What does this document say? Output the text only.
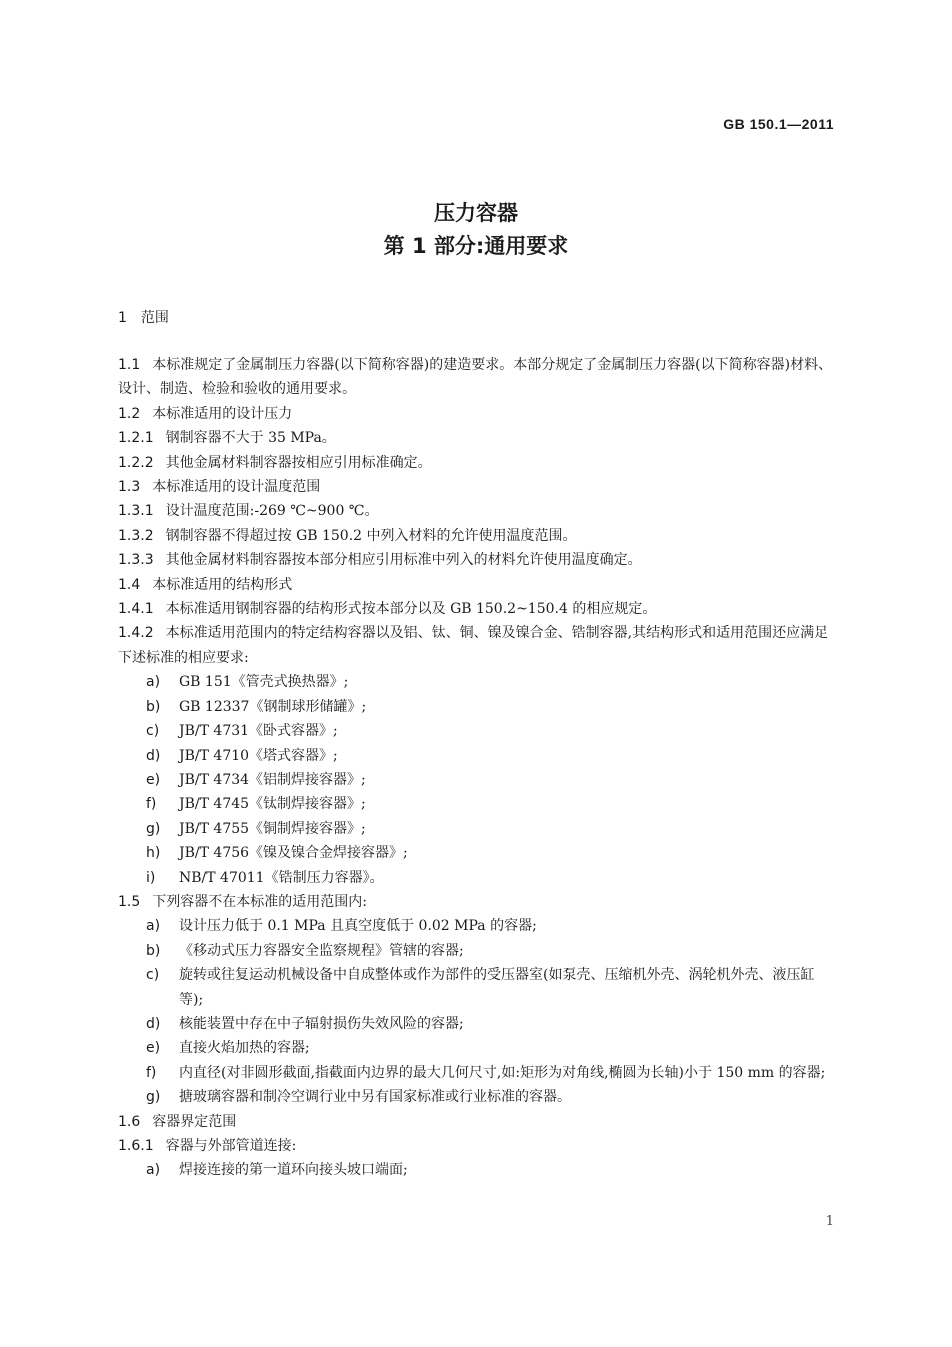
GB 150.1—2011
压力容器
第 1 部分:通用要求
1 范围
1.1 本标准规定了金属制压力容器(以下简称容器)的建造要求。本部分规定了金属制压力容器(以下简称容器)材料、设计、制造、检验和验收的通用要求。
1.2 本标准适用的设计压力
1.2.1 钢制容器不大于 35 MPa。
1.2.2 其他金属材料制容器按相应引用标准确定。
1.3 本标准适用的设计温度范围
1.3.1 设计温度范围:-269 ℃~900 ℃。
1.3.2 钢制容器不得超过按 GB 150.2 中列入材料的允许使用温度范围。
1.3.3 其他金属材料制容器按本部分相应引用标准中列入的材料允许使用温度确定。
1.4 本标准适用的结构形式
1.4.1 本标准适用钢制容器的结构形式按本部分以及 GB 150.2~150.4 的相应规定。
1.4.2 本标准适用范围内的特定结构容器以及铝、钛、铜、镍及镍合金、锆制容器,其结构形式和适用范围还应满足下述标准的相应要求:
a)	GB 151《管壳式换热器》;
b)	GB 12337《钢制球形储罐》;
c)	JB/T 4731《卧式容器》;
d)	JB/T 4710《塔式容器》;
e)	JB/T 4734《铝制焊接容器》;
f)	JB/T 4745《钛制焊接容器》;
g)	JB/T 4755《铜制焊接容器》;
h)	JB/T 4756《镍及镍合金焊接容器》;
i)	NB/T 47011《锆制压力容器》。
1.5 下列容器不在本标准的适用范围内:
a)	设计压力低于 0.1 MPa 且真空度低于 0.02 MPa 的容器;
b)	《移动式压力容器安全监察规程》管辖的容器;
c)	旋转或往复运动机械设备中自成整体或作为部件的受压器室(如泵壳、压缩机外壳、涡轮机外壳、液压缸等);
d)	核能装置中存在中子辐射损伤失效风险的容器;
e)	直接火焰加热的容器;
f)	内直径(对非圆形截面,指截面内边界的最大几何尺寸,如:矩形为对角线,椭圆为长轴)小于 150 mm 的容器;
g)	搪玻璃容器和制冷空调行业中另有国家标准或行业标准的容器。
1.6 容器界定范围
1.6.1 容器与外部管道连接:
a)	焊接连接的第一道环向接头坡口端面;
1
